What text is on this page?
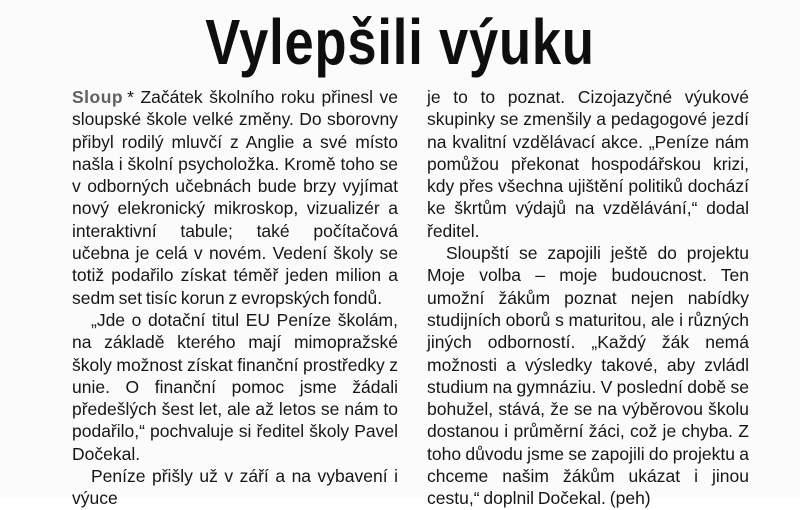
Vylepšili výuku

Sloup * Začátek školního roku přinesl ve sloupské škole velké změny. Do sborovny přibyl rodilý mluvčí z Anglie a své místo našla i školní psycholožka. Kromě toho se v odborných učebnách bude brzy vyjímat nový elekronický mikroskop, vizualizér a interaktivní tabule; také počítačová učebna je celá v novém. Vedení školy se totiž podařilo získat téměř jeden milion a sedm set tisíc korun z evropských fondů.

„Jde o dotační titul EU Peníze školám, na základě kterého mají mimopražské školy možnost získat finanční prostředky z unie. O finanční pomoc jsme žádali předešlých šest let, ale až letos se nám to podařilo,“ pochvaluje si ředitel školy Pavel Dočekal.

Peníze přišly už v září a na vybavení i výuce

je to to poznat. Cizojazyčné výukové skupinky se zmenšily a pedagogové jezdí na kvalitní vzdělávací akce. „Peníze nám pomůžou překonat hospodářskou krizi, kdy přes všechna ujištění politiků dochází ke škrtům výdajů na vzdělávání,“ dodal ředitel.

Sloupští se zapojili ještě do projektu Moje volba – moje budoucnost. Ten umožní žákům poznat nejen nabídky studijních oborů s maturitou, ale i různých jiných odborností. „Každý žák nemá možnosti a výsledky takové, aby zvládl studium na gymnáziu. V poslední době se bohužel, stává, že se na výběrovou školu dostanou i průměrní žáci, což je chyba. Z toho důvodu jsme se zapojili do projektu a chceme našim žákům ukázat i jinou cestu,“ doplnil Dočekal. (peh)
